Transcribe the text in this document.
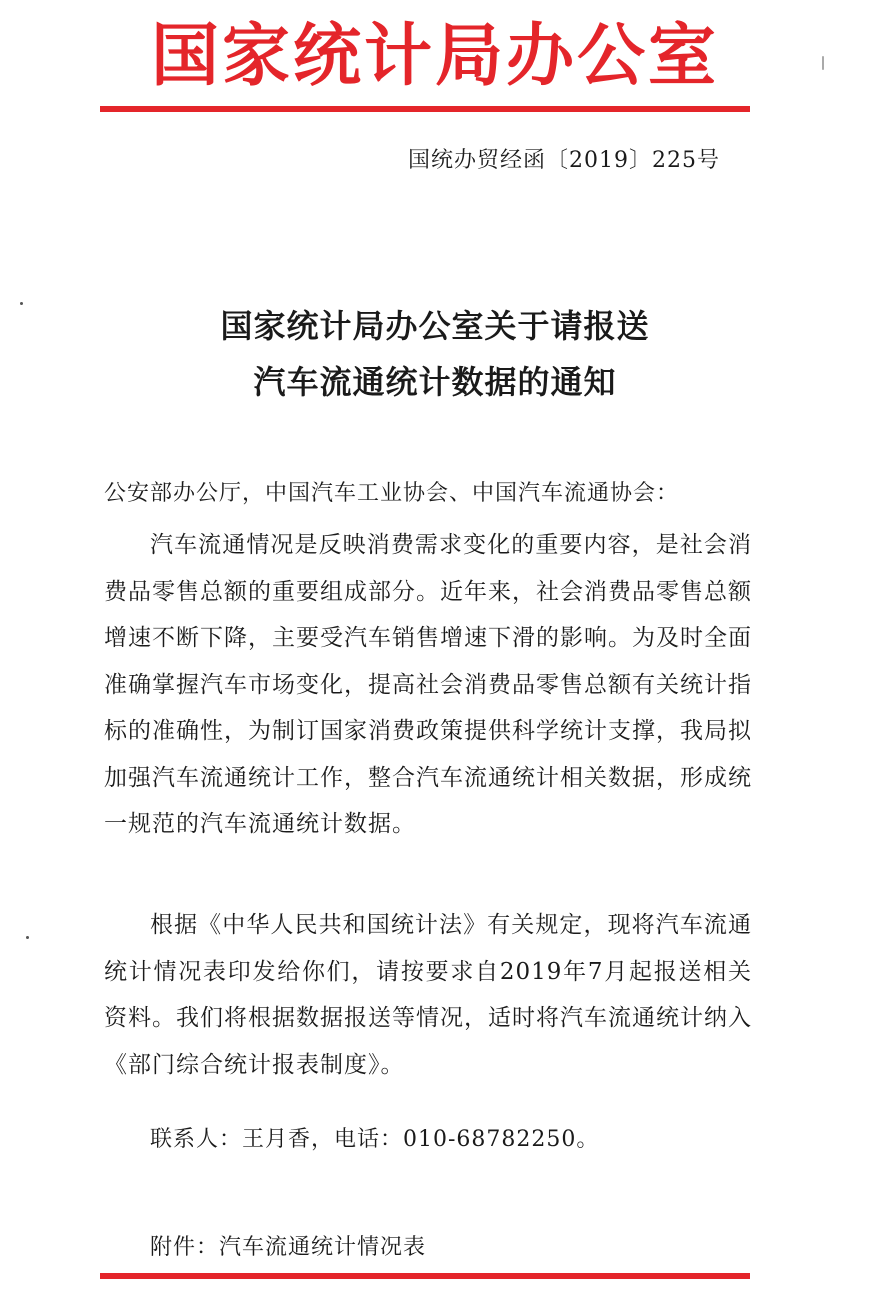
国家统计局办公室
国统办贸经函〔2019〕225号
国家统计局办公室关于请报送
汽车流通统计数据的通知
公安部办公厅，中国汽车工业协会、中国汽车流通协会：

汽车流通情况是反映消费需求变化的重要内容，是社会消费品零售总额的重要组成部分。近年来，社会消费品零售总额增速不断下降，主要受汽车销售增速下滑的影响。为及时全面准确掌握汽车市场变化，提高社会消费品零售总额有关统计指标的准确性，为制订国家消费政策提供科学统计支撑，我局拟加强汽车流通统计工作，整合汽车流通统计相关数据，形成统一规范的汽车流通统计数据。

根据《中华人民共和国统计法》有关规定，现将汽车流通统计情况表印发给你们，请按要求自2019年7月起报送相关资料。我们将根据数据报送等情况，适时将汽车流通统计纳入《部门综合统计报表制度》。

联系人：王月香，电话：010-68782250。
附件：汽车流通统计情况表
